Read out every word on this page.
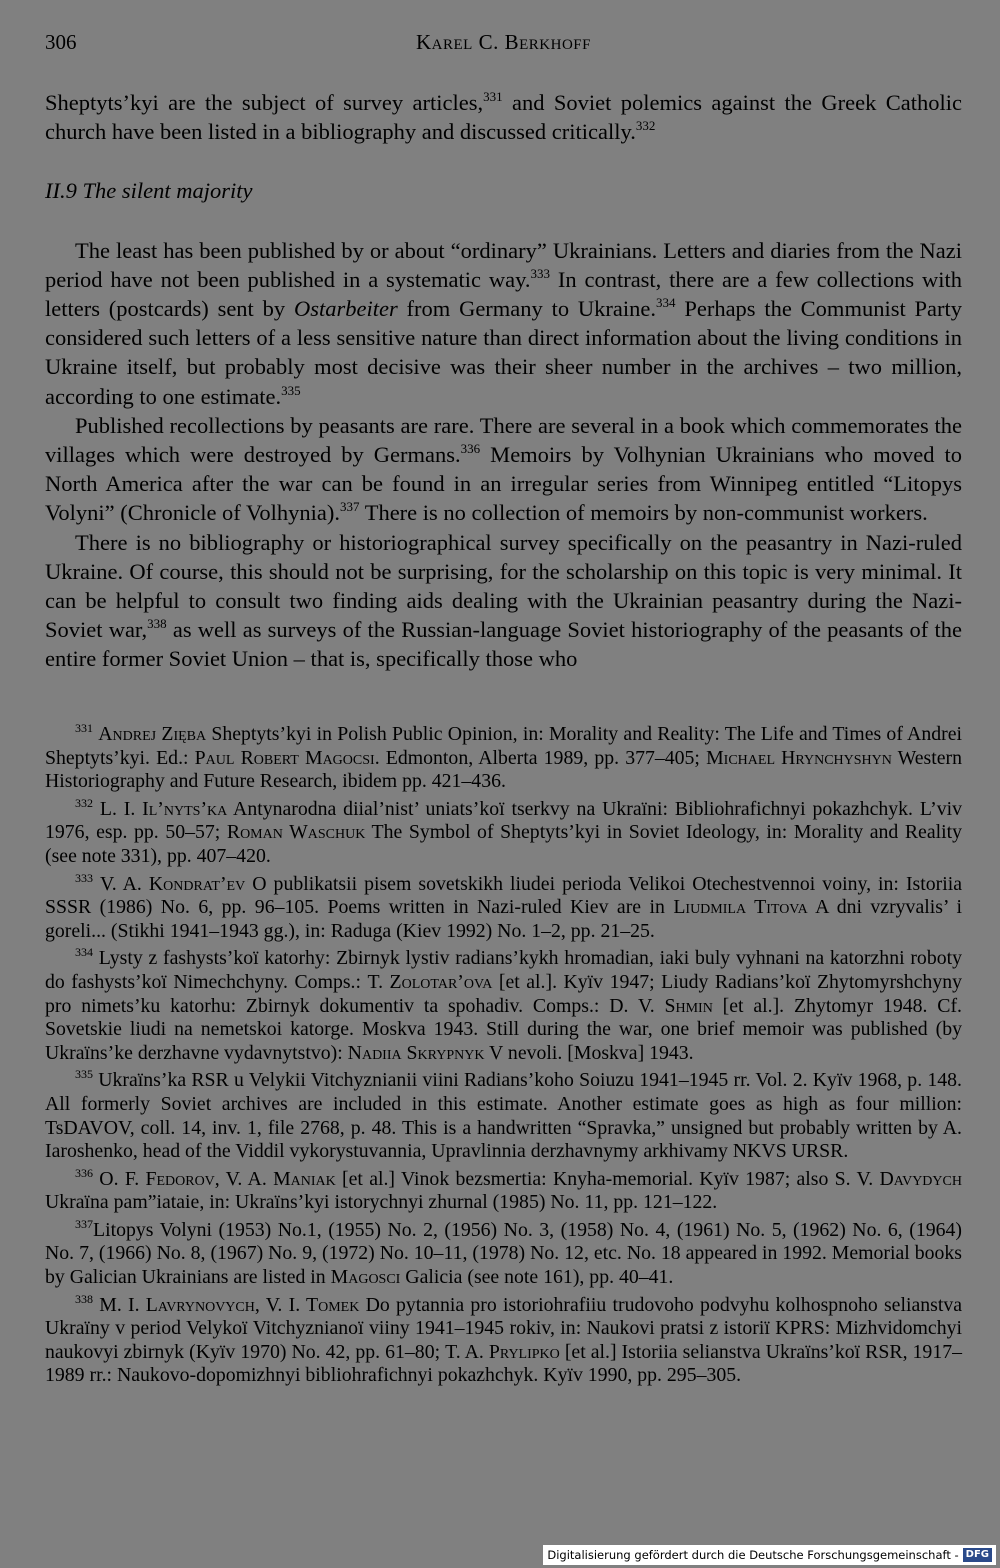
306	Karel C. Berkhoff

Sheptyts’kyi are the subject of survey articles,$^{331}$ and Soviet polemics against the Greek Catholic church have been listed in a bibliography and discussed critically.$^{332}$

II.9 The silent majority

The least has been published by or about “ordinary” Ukrainians. Letters and diaries from the Nazi period have not been published in a systematic way.$^{333}$ In contrast, there are a few collections with letters (postcards) sent by Ostarbeiter from Germany to Ukraine.$^{334}$ Perhaps the Communist Party considered such letters of a less sensitive nature than direct information about the living conditions in Ukraine itself, but probably most decisive was their sheer number in the archives – two million, according to one estimate.$^{335}$

Published recollections by peasants are rare. There are several in a book which commemorates the villages which were destroyed by Germans.$^{336}$ Memoirs by Volhynian Ukrainians who moved to North America after the war can be found in an irregular series from Winnipeg entitled “Litopys Volyni” (Chronicle of Volhynia).$^{337}$ There is no collection of memoirs by non-communist workers.

There is no bibliography or historiographical survey specifically on the peasantry in Nazi-ruled Ukraine. Of course, this should not be surprising, for the scholarship on this topic is very minimal. It can be helpful to consult two finding aids dealing with the Ukrainian peasantry during the Nazi-Soviet war,$^{338}$ as well as surveys of the Russian-language Soviet historiography of the peasants of the entire former Soviet Union – that is, specifically those who

$^{331}$ Andrej Zięba Sheptyts’kyi in Polish Public Opinion, in: Morality and Reality: The Life and Times of Andrei Sheptyts’kyi. Ed.: Paul Robert Magocsi. Edmonton, Alberta 1989, pp. 377–405; Michael Hrynchyshyn Western Historiography and Future Research, ibidem pp. 421–436.

$^{332}$ L. I. Il’nyts’ka Antynarodna diial’nist’ uniats’koï tserkvy na Ukraïni: Bibliohrafichnyi pokazhchyk. L’viv 1976, esp. pp. 50–57; Roman Waschuk The Symbol of Sheptyts’kyi in Soviet Ideology, in: Morality and Reality (see note 331), pp. 407–420.

$^{333}$ V. A. Kondrat’ev O publikatsii pisem sovetskikh liudei perioda Velikoi Otechestvennoi voiny, in: Istoriia SSSR (1986) No. 6, pp. 96–105. Poems written in Nazi-ruled Kiev are in Liudmila Titova A dni vzryvalis’ i goreli... (Stikhi 1941–1943 gg.), in: Raduga (Kiev 1992) No. 1–2, pp. 21–25.

$^{334}$ Lysty z fashysts’koï katorhy: Zbirnyk lystiv radians’kykh hromadian, iaki buly vyhnani na katorzhni roboty do fashysts’koï Nimechchyny. Comps.: T. Zolotar’ova [et al.]. Kyïv 1947; Liudy Radians’koï Zhytomyrshchyny pro nimets’ku katorhu: Zbirnyk dokumentiv ta spohadiv. Comps.: D. V. Shmin [et al.]. Zhytomyr 1948. Cf. Sovetskie liudi na nemetskoi katorge. Moskva 1943. Still during the war, one brief memoir was published (by Ukraïns’ke derzhavne vydavnytstvo): Nadiia Skrypnyk V nevoli. [Moskva] 1943.

$^{335}$ Ukraïns’ka RSR u Velykii Vitchyznianii viini Radians’koho Soiuzu 1941–1945 rr. Vol. 2. Kyïv 1968, p. 148. All formerly Soviet archives are included in this estimate. Another estimate goes as high as four million: TsDAVOV, coll. 14, inv. 1, file 2768, p. 48. This is a handwritten “Spravka,” unsigned but probably written by A. Iaroshenko, head of the Viddil vykorystuvannia, Upravlinnia derzhavnymy arkhivamy NKVS URSR.

$^{336}$ O. F. Fedorov, V. A. Maniak [et al.] Vinok bezsmertia: Knyha-memorial. Kyïv 1987; also S. V. Davydych Ukraïna pam”iataie, in: Ukraïns’kyi istorychnyi zhurnal (1985) No. 11, pp. 121–122.

$^{337}$Litopys Volyni (1953) No.1, (1955) No. 2, (1956) No. 3, (1958) No. 4, (1961) No. 5, (1962) No. 6, (1964) No. 7, (1966) No. 8, (1967) No. 9, (1972) No. 10–11, (1978) No. 12, etc. No. 18 appeared in 1992. Memorial books by Galician Ukrainians are listed in Magosci Galicia (see note 161), pp. 40–41.

$^{338}$ M. I. Lavrynovych, V. I. Tomek Do pytannia pro istoriohrafiiu trudovoho podvyhu kolhospnoho selianstva Ukraïny v period Velykoï Vitchyznianoï viiny 1941–1945 rokiv, in: Naukovi pratsi z istoriï KPRS: Mizhvidomchyi naukovyi zbirnyk (Kyïv 1970) No. 42, pp. 61–80; T. A. Prylipko [et al.] Istoriia selianstva Ukraïns’koï RSR, 1917–1989 rr.: Naukovo-dopomizhnyi bibliohrafichnyi pokazhchyk. Kyïv 1990, pp. 295–305.

Digitalisierung gefördert durch die Deutsche Forschungsgemeinschaft - DFG
